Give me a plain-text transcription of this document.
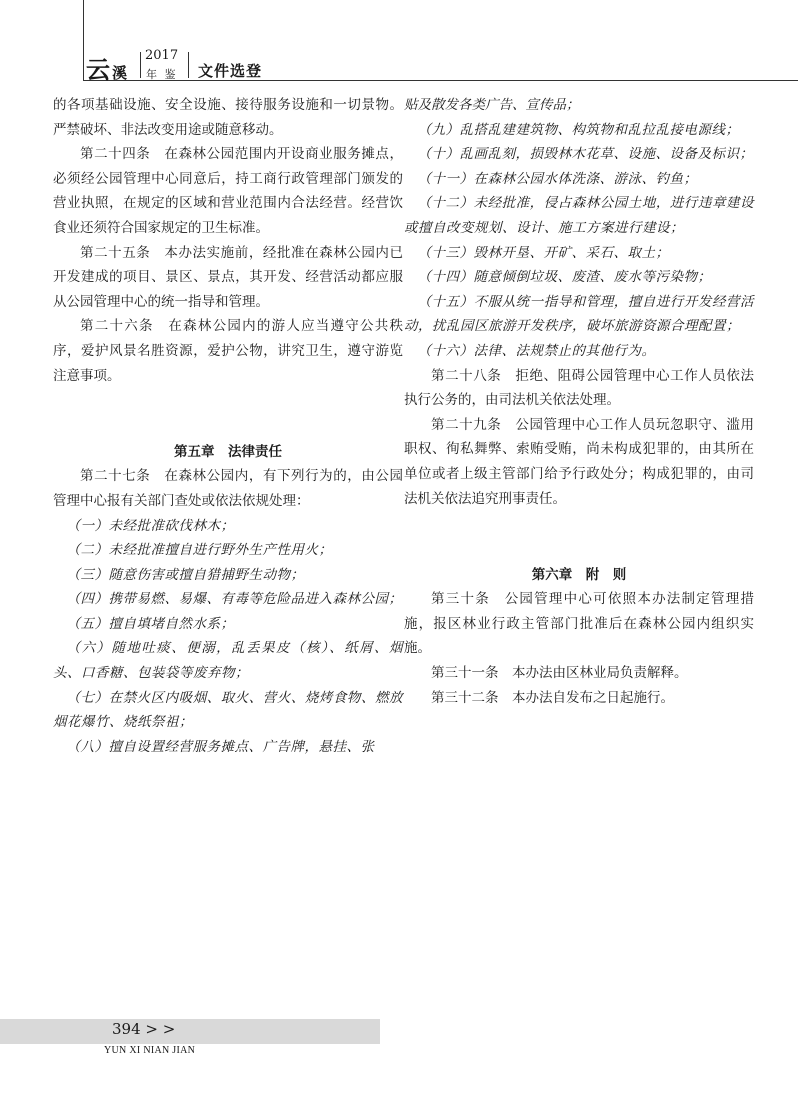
云溪
2017
年 鉴 文件选登

的各项基础设施、安全设施、接待服务设施和一切景物。严禁破坏、非法改变用途或随意移动。

第二十四条　在森林公园范围内开设商业服务摊点，必须经公园管理中心同意后，持工商行政管理部门颁发的营业执照，在规定的区域和营业范围内合法经营。经营饮食业还须符合国家规定的卫生标准。

第二十五条　本办法实施前，经批准在森林公园内已开发建成的项目、景区、景点，其开发、经营活动都应服从公园管理中心的统一指导和管理。

第二十六条　在森林公园内的游人应当遵守公共秩序，爱护风景名胜资源，爱护公物，讲究卫生，遵守游览注意事项。

第五章　法律责任

第二十七条　在森林公园内，有下列行为的，由公园管理中心报有关部门查处或依法依规处理：

（一）未经批准砍伐林木；

（二）未经批准擅自进行野外生产性用火；

（三）随意伤害或擅自猎捕野生动物；

（四）携带易燃、易爆、有毒等危险品进入森林公园；

（五）擅自填堵自然水系；

（六）随地吐痰、便溺，乱丢果皮（核）、纸屑、烟头、口香糖、包装袋等废弃物；

（七）在禁火区内吸烟、取火、营火、烧烤食物、燃放烟花爆竹、烧纸祭祖；

（八）擅自设置经营服务摊点、广告牌，悬挂、张

贴及散发各类广告、宣传品；

（九）乱搭乱建建筑物、构筑物和乱拉乱接电源线；

（十）乱画乱刻，损毁林木花草、设施、设备及标识；

（十一）在森林公园水体洗涤、游泳、钓鱼；

（十二）未经批准，侵占森林公园土地，进行违章建设或擅自改变规划、设计、施工方案进行建设；

（十三）毁林开垦、开矿、采石、取土；

（十四）随意倾倒垃圾、废渣、废水等污染物；

（十五）不服从统一指导和管理，擅自进行开发经营活动，扰乱园区旅游开发秩序，破坏旅游资源合理配置；

（十六）法律、法规禁止的其他行为。

第二十八条　拒绝、阻碍公园管理中心工作人员依法执行公务的，由司法机关依法处理。

第二十九条　公园管理中心工作人员玩忽职守、滥用职权、徇私舞弊、索贿受贿，尚未构成犯罪的，由其所在单位或者上级主管部门给予行政处分；构成犯罪的，由司法机关依法追究刑事责任。

第六章　附　则

第三十条　公园管理中心可依照本办法制定管理措施，报区林业行政主管部门批准后在森林公园内组织实施。

第三十一条　本办法由区林业局负责解释。

第三十二条　本办法自发布之日起施行。

394 > >
YUN XI NIAN JIAN
